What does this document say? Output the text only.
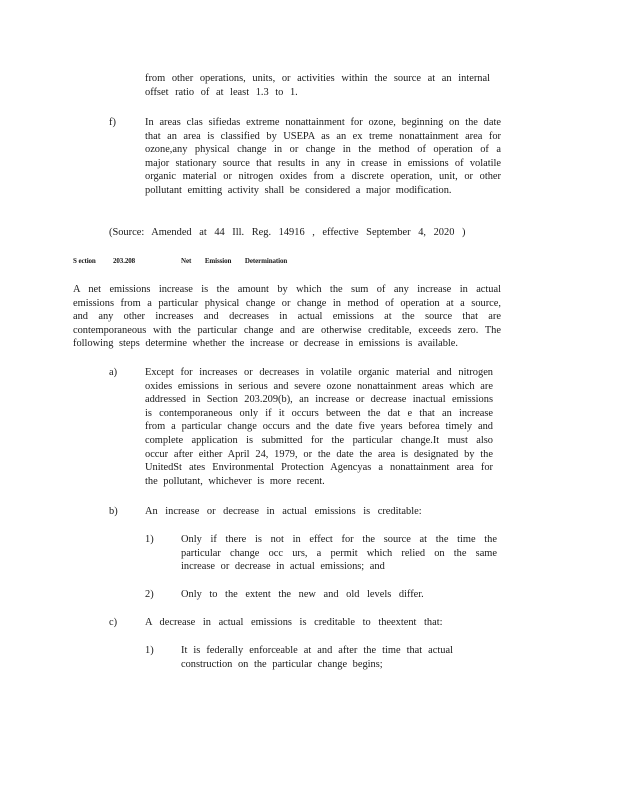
from other operations, units, or activities within the source at an internal offset ratio of at least 1.3 to 1.
f)	In areas clas sifiedas extreme nonattainment for ozone, beginning on the date that an area is classified by USEPA as an ex treme nonattainment area for ozone,any physical change in or change in the method of operation of a major stationary source that results in any in crease in emissions of volatile organic material or nitrogen oxides from a discrete operation, unit, or other pollutant emitting activity shall be considered a major modification.
(Source: Amended at 44 Ill. Reg. 14916 , effective September 4, 2020 )
S ection 203.208	Net Emission Determination
A net emissions increase is the amount by which the sum of any increase in actual emissions from a particular physical change or change in method of operation at a source, and any other increases and decreases in actual emissions at the source that are contemporaneous with the particular change and are otherwise creditable, exceeds zero. The following steps determine whether the increase or decrease in emissions is available.
a)	Except for increases or decreases in volatile organic material and nitrogen oxides emissions in serious and severe ozone nonattainment areas which are addressed in Section 203.209(b), an increase or decrease inactual emissions is contemporaneous only if it occurs between the dat e that an increase from a particular change occurs and the date five years beforea timely and complete application is submitted for the particular change.It must also occur after either April 24, 1979, or the date the area is designated by the UnitedSt ates Environmental Protection Agencyas a nonattainment area for the pollutant, whichever is more recent.
b)	An increase or decrease in actual emissions is creditable:
1)	Only if there is not in effect for the source at the time the particular change occ urs, a permit which relied on the same increase or decrease in actual emissions; and
2)	Only to the extent the new and old levels differ.
c)	A decrease in actual emissions is creditable to theextent that:
1)	It is federally enforceable at and after the time that actual construction on the particular change begins;
